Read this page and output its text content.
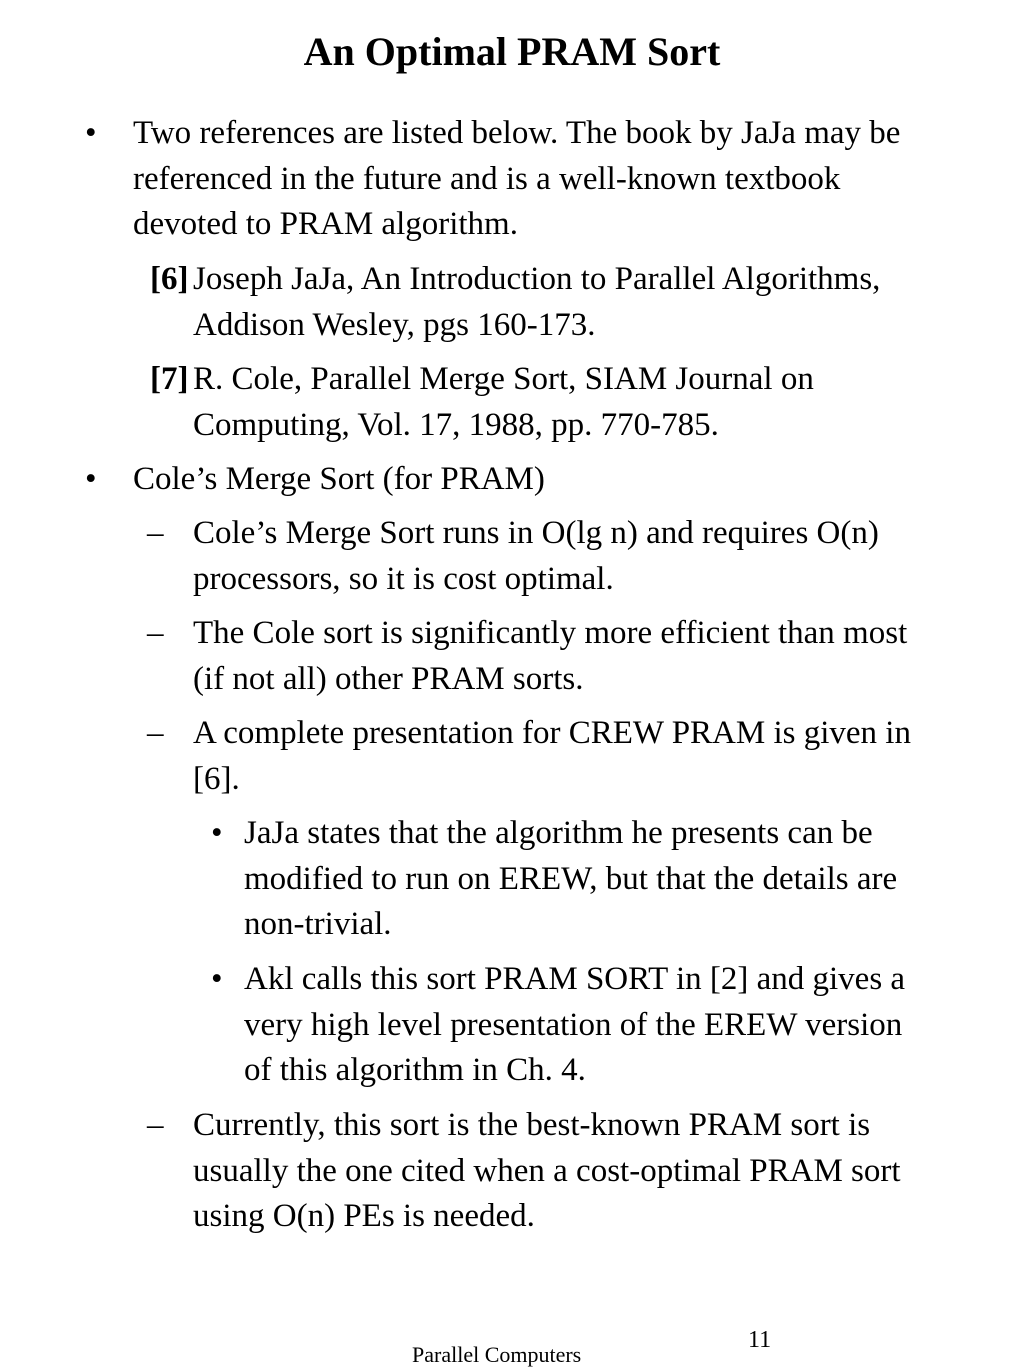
An Optimal PRAM Sort
• Two references are listed below. The book by JaJa may be referenced in the future and is a well-known textbook devoted to PRAM algorithm.
[6] Joseph JaJa, An Introduction to Parallel Algorithms, Addison Wesley, pgs 160-173.
[7] R. Cole, Parallel Merge Sort, SIAM Journal on Computing, Vol. 17, 1988, pp. 770-785.
• Cole’s Merge Sort (for PRAM)
– Cole’s Merge Sort runs in O(lg n) and requires O(n) processors, so it is cost optimal.
– The Cole sort is significantly more efficient than most (if not all) other PRAM sorts.
– A complete presentation for CREW PRAM is given in [6].
• JaJa states that the algorithm he presents can be modified to run on EREW, but that the details are non-trivial.
• Akl calls this sort PRAM SORT in [2] and gives a very high level presentation of the EREW version of this algorithm in Ch. 4.
– Currently, this sort is the best-known PRAM sort is usually the one cited when a cost-optimal PRAM sort using O(n) PEs is needed.
Parallel Computers
11
